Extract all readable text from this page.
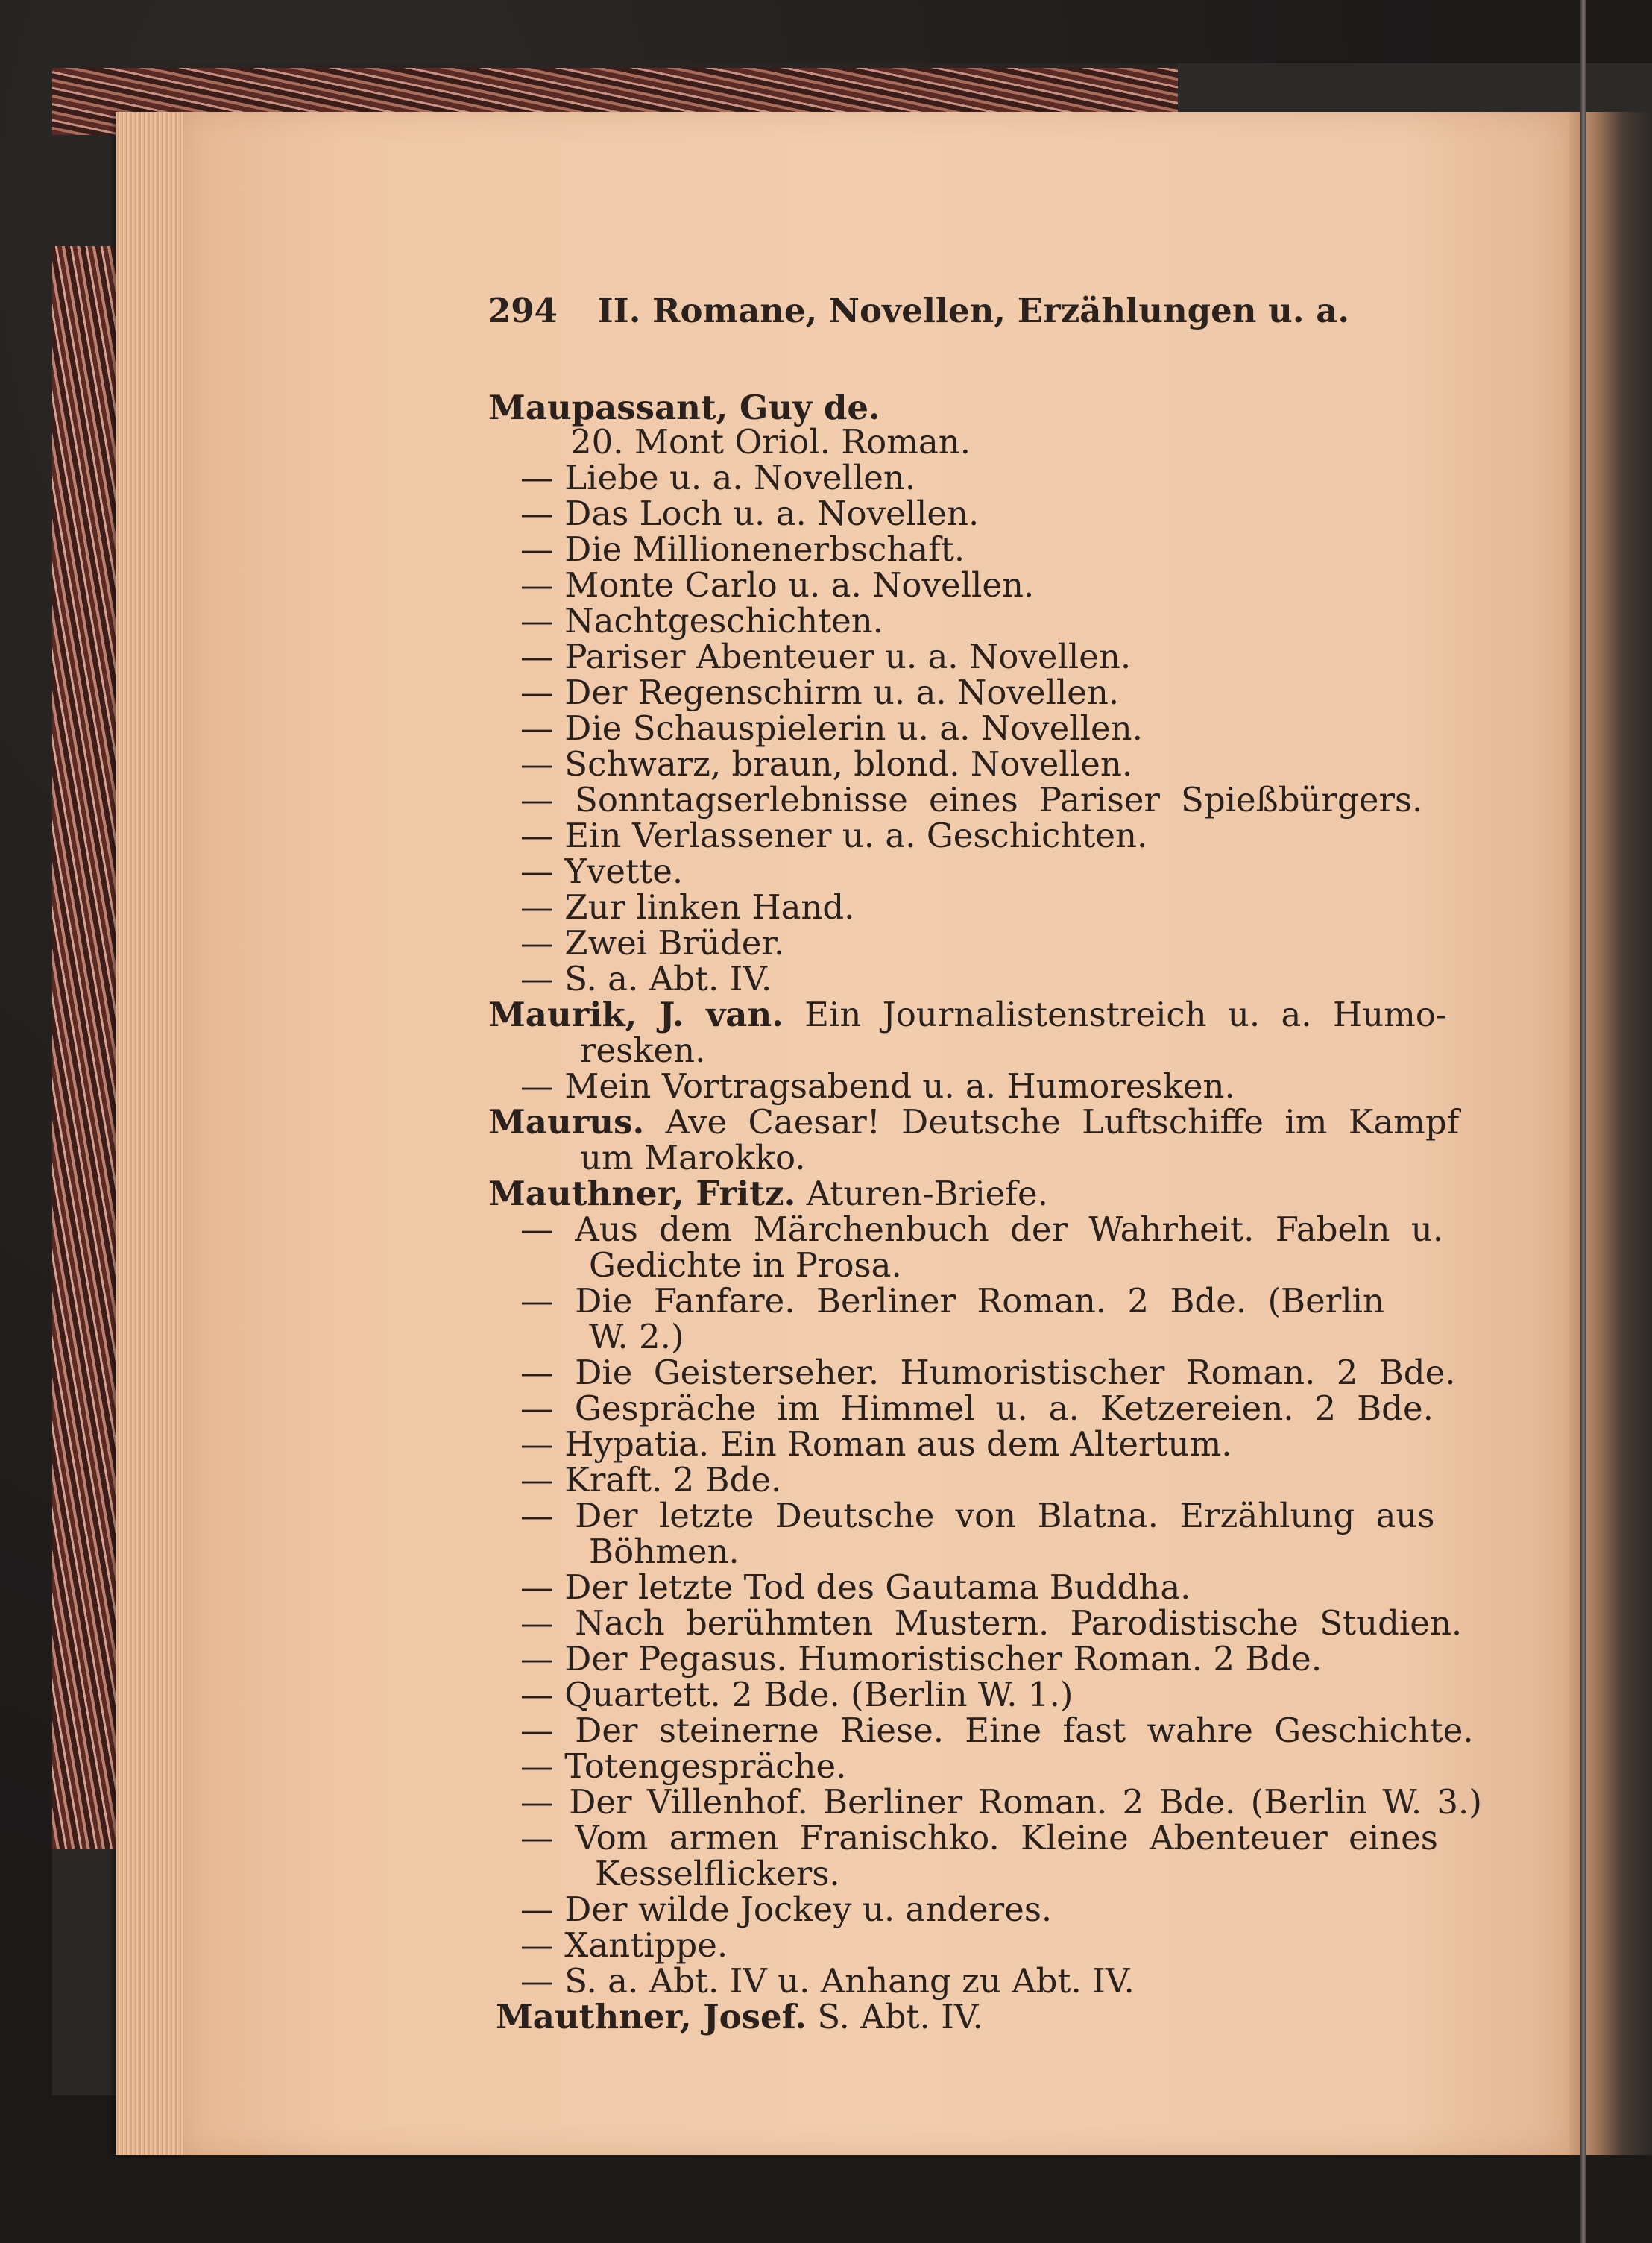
294 II. Romane, Novellen, Erzählungen u. a.
Maupassant, Guy de.
20. Mont Oriol. Roman.
— Liebe u. a. Novellen.
— Das Loch u. a. Novellen.
— Die Millionenerbschaft.
— Monte Carlo u. a. Novellen.
— Nachtgeschichten.
— Pariser Abenteuer u. a. Novellen.
— Der Regenschirm u. a. Novellen.
— Die Schauspielerin u. a. Novellen.
— Schwarz, braun, blond. Novellen.
— Sonntagserlebnisse eines Pariser Spießbürgers.
— Ein Verlassener u. a. Geschichten.
— Yvette.
— Zur linken Hand.
— Zwei Brüder.
— S. a. Abt. IV.
Maurik, J. van. Ein Journalistenstreich u. a. Humo-
resken.
— Mein Vortragsabend u. a. Humoresken.
Maurus. Ave Caesar! Deutsche Luftschiffe im Kampf
um Marokko.
Mauthner, Fritz. Aturen-Briefe.
— Aus dem Märchenbuch der Wahrheit. Fabeln u.
Gedichte in Prosa.
— Die Fanfare. Berliner Roman. 2 Bde. (Berlin
W. 2.)
— Die Geisterseher. Humoristischer Roman. 2 Bde.
— Gespräche im Himmel u. a. Ketzereien. 2 Bde.
— Hypatia. Ein Roman aus dem Altertum.
— Kraft. 2 Bde.
— Der letzte Deutsche von Blatna. Erzählung aus
Böhmen.
— Der letzte Tod des Gautama Buddha.
— Nach berühmten Mustern. Parodistische Studien.
— Der Pegasus. Humoristischer Roman. 2 Bde.
— Quartett. 2 Bde. (Berlin W. 1.)
— Der steinerne Riese. Eine fast wahre Geschichte.
— Totengespräche.
— Der Villenhof. Berliner Roman. 2 Bde. (Berlin W. 3.)
— Vom armen Franischko. Kleine Abenteuer eines
Kesselflickers.
— Der wilde Jockey u. anderes.
— Xantippe.
— S. a. Abt. IV u. Anhang zu Abt. IV.
Mauthner, Josef. S. Abt. IV.
